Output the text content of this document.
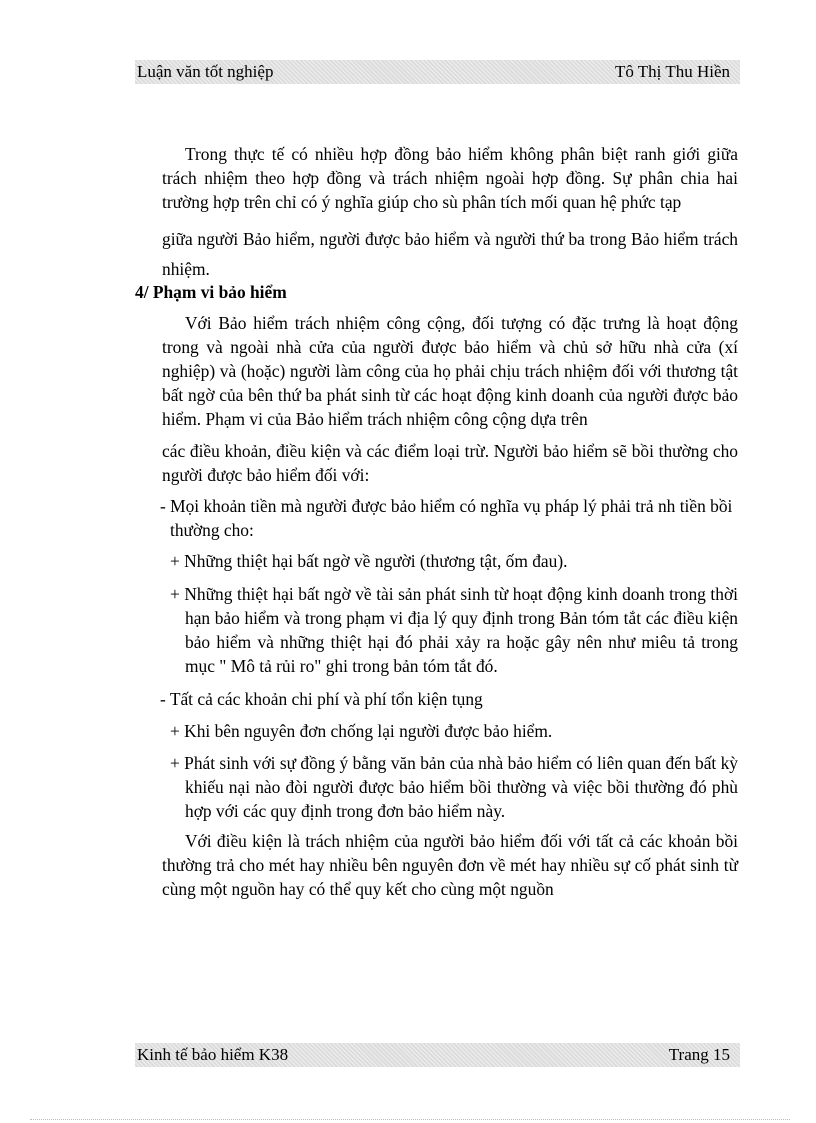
Luận văn tốt nghiệp	Tô Thị Thu Hiền

Trong thực tế có nhiều hợp đồng bảo hiểm không phân biệt ranh giới giữa trách nhiệm theo hợp đồng và trách nhiệm ngoài hợp đồng. Sự phân chia hai trường hợp trên chỉ có ý nghĩa giúp cho sù phân tích mối quan hệ phức tạp

giữa người Bảo hiểm, người được bảo hiểm và người thứ ba trong Bảo hiểm trách nhiệm.

4/ Phạm vi bảo hiểm

Với Bảo hiểm trách nhiệm công cộng, đối tượng có đặc trưng là hoạt động trong và ngoài nhà cửa của người được bảo hiểm và chủ sở hữu nhà cửa (xí nghiệp) và (hoặc) người làm công của họ phải chịu trách nhiệm đối với thương tật bất ngờ của bên thứ ba phát sinh từ các hoạt động kinh doanh của người được bảo hiểm. Phạm vi của Bảo hiểm trách nhiệm công cộng dựa trên

các điều khoản, điều kiện và các điểm loại trừ. Người bảo hiểm sẽ bồi thường cho người được bảo hiểm đối với:

- Mọi khoản tiền mà người được bảo hiểm có nghĩa vụ pháp lý phải trả nh tiền bồi thường cho:
+ Những thiệt hại bất ngờ về người (thương tật, ốm đau).
+ Những thiệt hại bất ngờ về tài sản phát sinh từ hoạt động kinh doanh trong thời hạn bảo hiểm và trong phạm vi địa lý quy định trong Bản tóm tắt các điều kiện bảo hiểm và những thiệt hại đó phải xảy ra hoặc gây nên như miêu tả trong mục " Mô tả rủi ro" ghi trong bản tóm tắt đó.
- Tất cả các khoản chi phí và phí tổn kiện tụng
+ Khi bên nguyên đơn chống lại người được bảo hiểm.
+ Phát sinh với sự đồng ý bằng văn bản của nhà bảo hiểm có liên quan đến bất kỳ khiếu nại nào đòi người được bảo hiểm bồi thường và việc bồi thường đó phù hợp với các quy định trong đơn bảo hiểm này.

Với điều kiện là trách nhiệm của người bảo hiểm đối với tất cả các khoản bồi thường trả cho mét hay nhiều bên nguyên đơn về mét hay nhiều sự cố phát sinh từ cùng một nguồn hay có thể quy kết cho cùng một nguồn

Kinh tế bảo hiểm K38	Trang 15
